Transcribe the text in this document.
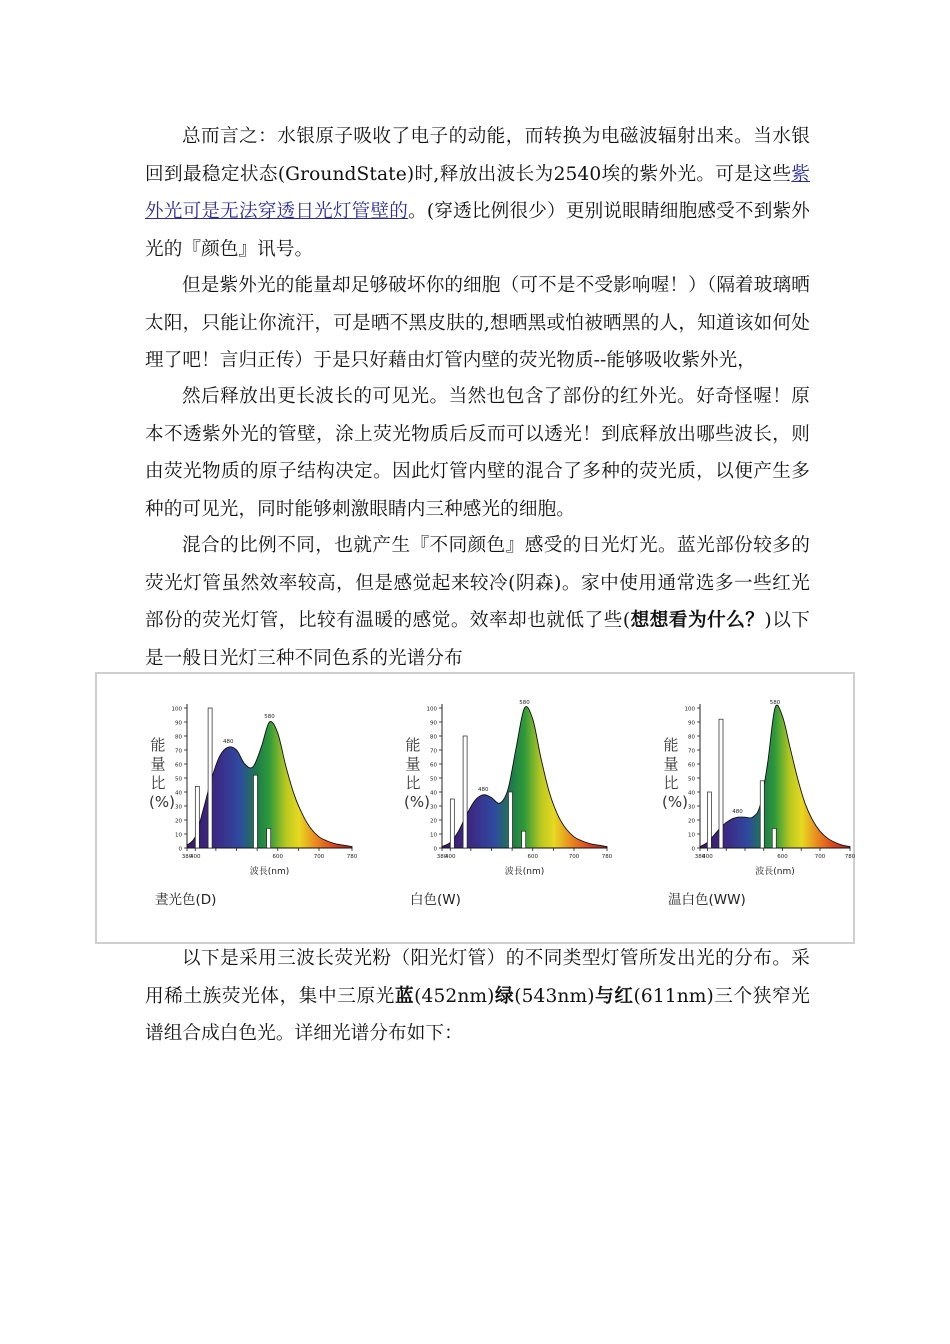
总而言之：水银原子吸收了电子的动能，而转换为电磁波辐射出来。当水银回到最稳定状态(GroundState)时,释放出波长为2540埃的紫外光。可是这些紫外光可是无法穿透日光灯管壁的。(穿透比例很少）更别说眼睛细胞感受不到紫外光的『颜色』讯号。

但是紫外光的能量却足够破坏你的细胞（可不是不受影响喔！）（隔着玻璃晒太阳，只能让你流汗，可是晒不黑皮肤的,想晒黑或怕被晒黑的人，知道该如何处理了吧！言归正传）于是只好藉由灯管内壁的荧光物质--能够吸收紫外光，

然后释放出更长波长的可见光。当然也包含了部份的红外光。好奇怪喔！原本不透紫外光的管壁，涂上荧光物质后反而可以透光！到底释放出哪些波长，则由荧光物质的原子结构决定。因此灯管内壁的混合了多种的荧光质，以便产生多种的可见光，同时能够刺激眼睛内三种感光的细胞。

混合的比例不同，也就产生『不同颜色』感受的日光灯光。蓝光部份较多的荧光灯管虽然效率较高，但是感觉起来较冷(阴森)。家中使用通常选多一些红光部份的荧光灯管，比较有温暖的感觉。效率却也就低了些(想想看为什么？)以下是一般日光灯三种不同色系的光谱分布

100
90
80
70
60
50
40
30
20
10
0
380
400	600	700	780
480
580
波長(nm)
晝光色(D)
能量比(%)
100
90
80
70
60
50
40
30
20
10
0
380
400	600	700	780
480
580
波長(nm)
白色(W)
能量比(%)
100
90
80
70
60
50
40
30
20
10
0
380
400	600	700	780
480
580
波長(nm)
温白色(WW)
能量比(%)

以下是采用三波长荧光粉（阳光灯管）的不同类型灯管所发出光的分布。采用稀土族荧光体，集中三原光蓝(452nm)绿(543nm)与红(611nm)三个狭窄光谱组合成白色光。详细光谱分布如下：
